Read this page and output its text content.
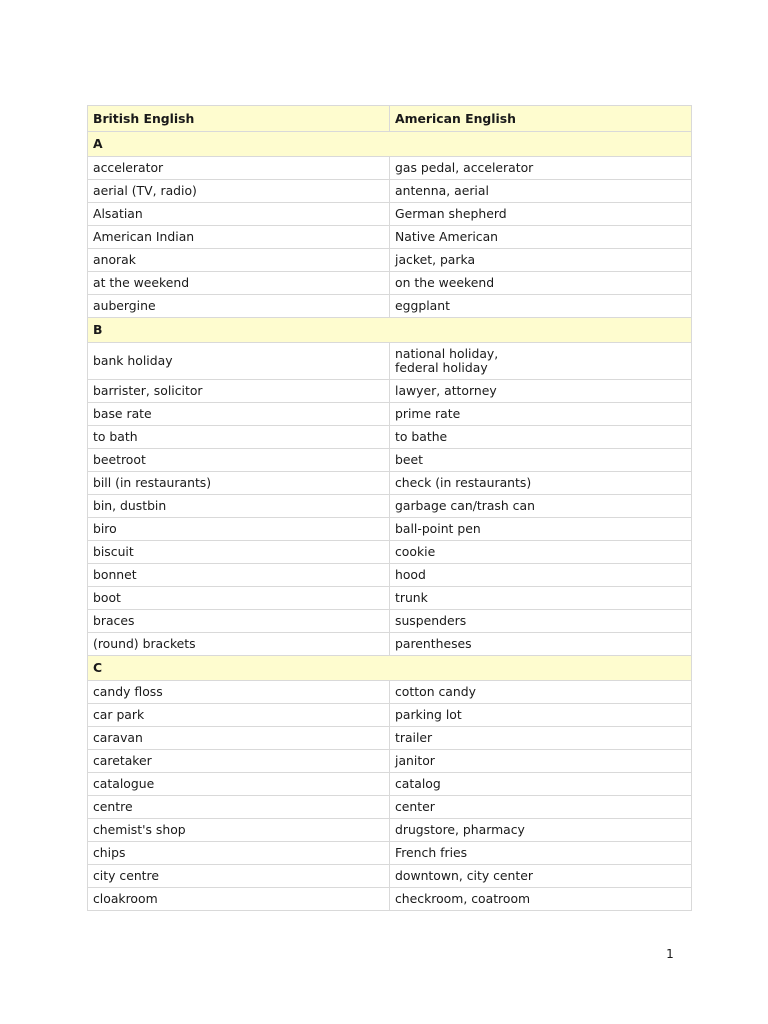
British English	American English
A	
accelerator	gas pedal, accelerator
aerial (TV, radio)	antenna, aerial
Alsatian	German shepherd
American Indian	Native American
anorak	jacket, parka
at the weekend	on the weekend
aubergine	eggplant
B	
bank holiday	national holiday,
federal holiday

barrister, solicitor	lawyer, attorney
base rate	prime rate
to bath	to bathe
beetroot	beet
bill (in restaurants)	check (in restaurants)
bin, dustbin	garbage can/trash can
biro	ball-point pen
biscuit	cookie
bonnet	hood
boot	trunk
braces	suspenders
(round) brackets	parentheses
C	
candy floss	cotton candy
car park	parking lot
caravan	trailer
caretaker	janitor
catalogue	catalog
centre	center
chemist's shop	drugstore, pharmacy
chips	French fries
city centre	downtown, city center
cloakroom	checkroom, coatroom
1
